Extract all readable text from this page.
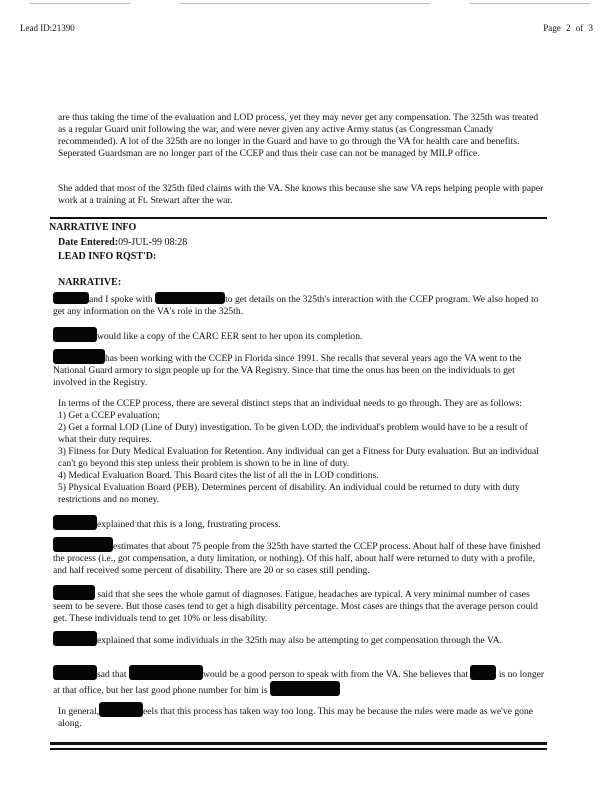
Lead ID:21390	Page 2 of 3
are thus taking the time of the evaluation and LOD process, yet they may never get any compensation. The 325th was treated as a regular Guard unit following the war, and were never given any active Army status (as Congressman Canady recommended). A lot of the 325th are no longer in the Guard and have to go through the VA for health care and benefits. Seperated Guardsman are no longer part of the CCEP and thus their case can not be managed by MILP office.
She added that most of the 325th filed claims with the VA. She knows this because she saw VA reps helping people with paper work at a training at Ft. Stewart after the war.
NARRATIVE INFO
Date Entered:09-JUL-99 08:28
LEAD INFO RQST'D:
NARRATIVE:
and I spoke with	to get details on the 325th's interaction with the CCEP program. We also hoped to get any information on the VA's role in the 325th.
would like a copy of the CARC EER sent to her upon its completion.
has been working with the CCEP in Florida since 1991. She recalls that several years ago the VA went to the National Guard armory to sign people up for the VA Registry. Since that time the onus has been on the individuals to get involved in the Registry.
In terms of the CCEP process, there are several distinct steps that an individual needs to go through. They are as follows:
1) Get a CCEP evaluation;
2) Get a formal LOD (Line of Duty) investigation. To be given LOD, the individual's problem would have to be a result of what their duty requires.
3) Fitness for Duty Medical Evaluation for Retention. Any individual can get a Fitness for Duty evaluation. But an individual can't go beyond this step unless their problem is shown to be in line of duty.
4) Medical Evaluation Board. This Board cites the list of all the in LOD conditions.
5) Physical Evaluation Board (PEB). Determines percent of disability. An individual could be returned to duty with duty restrictions and no money.
explained that this is a long, frustrating process.
estimates that about 75 people from the 325th have started the CCEP process. About half of these have finished the process (i.e., got compensation, a duty limitation, or nothing). Of this half, about half were returned to duty with a profile, and half received some percent of disability. There are 20 or so cases still pending.
said that she sees the whole gamut of diagnoses. Fatigue, headaches are typical. A very minimal number of cases seem to be severe. But those cases tend to get a high disability percentage. Most cases are things that the average person could get. These individuals tend to get 10% or less disability.
explained that some individuals in the 325th may also be attempting to get compensation through the VA.
sad that	would be a good person to speak with from the VA. She believes that	is no longer at that office, but her last good phone number for him is
In general,	eels that this process has taken way too long. This may be because the rules were made as we've gone along.
